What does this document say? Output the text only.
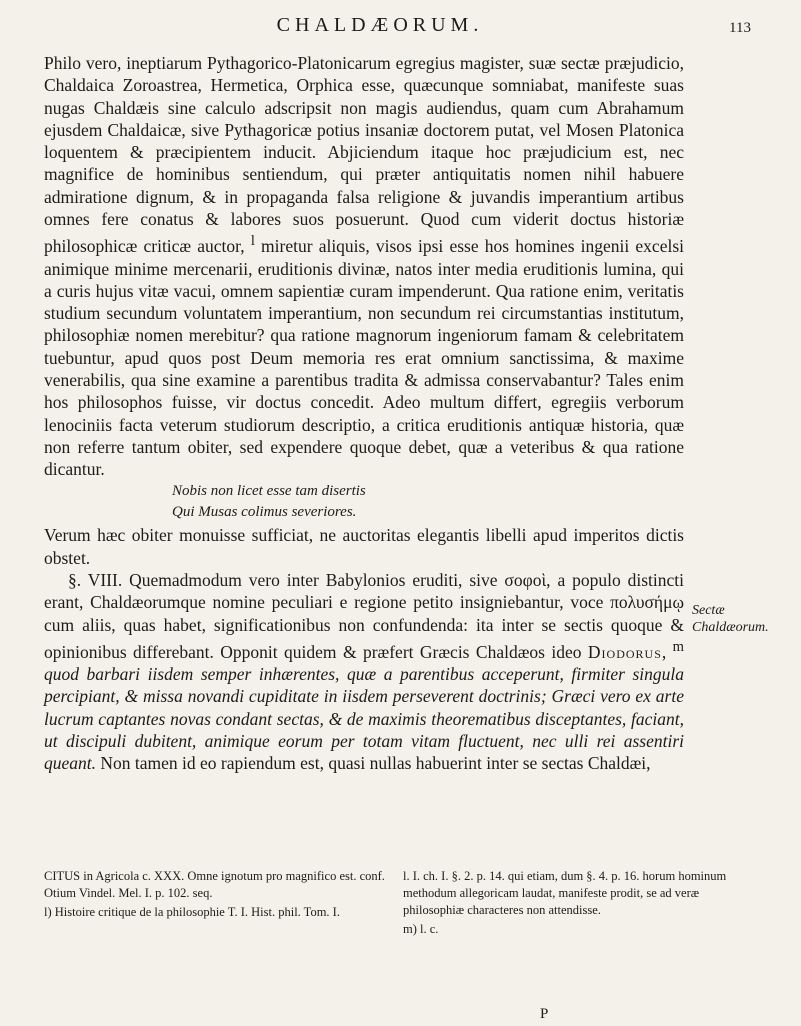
CHALDÆORUM.	113

Philo vero, ineptiarum Pythagorico-Platonicarum egregius magister, suæ sectæ præjudicio, Chaldaica Zoroastrea, Hermetica, Orphica esse, quæcunque somniabat, manifeste suas nugas Chaldæis sine calculo adscripsit non magis audiendus, quam cum Abrahamum ejusdem Chaldaicæ, sive Pythagoricæ potius insaniæ doctorem putat, vel Mosen Platonica loquentem & præcipientem inducit. Abjiciendum itaque hoc præjudicium est, nec magnifice de hominibus sentiendum, qui præter antiquitatis nomen nihil habuere admiratione dignum, & in propaganda falsa religione & juvandis imperantium artibus omnes fere conatus & labores suos posuerunt. Quod cum viderit doctus historiæ philosophicæ criticæ auctor, $^l$ miretur aliquis, visos ipsi esse hos homines ingenii excelsi animique minime mercenarii, eruditionis divinæ, natos inter media eruditionis lumina, qui a curis hujus vitæ vacui, omnem sapientiæ curam impenderunt. Qua ratione enim, veritatis studium secundum voluntatem imperantium, non secundum rei circumstantias institutum, philosophiæ nomen merebitur? qua ratione magnorum ingeniorum famam & celebritatem tuebuntur, apud quos post Deum memoria res erat omnium sanctissima, & maxime venerabilis, qua sine examine a parentibus tradita & admissa conservabantur? Tales enim hos philosophos fuisse, vir doctus concedit. Adeo multum differt, egregiis verborum lenociniis facta veterum studiorum descriptio, a critica eruditionis antiquæ historia, quæ non referre tantum obiter, sed expendere quoque debet, quæ a veteribus & qua ratione dicantur.

Nobis non licet esse tam disertis
Qui Musas colimus severiores.

Verum hæc obiter monuisse sufficiat, ne auctoritas elegantis libelli apud imperitos dictis obstet.

§. VIII. Quemadmodum vero inter Babylonios eruditi, sive σοφοὶ, a populo distincti erant, Chaldæorumque nomine peculiari e regione petito insigniebantur, voce πολυσήμῳ cum aliis, quas habet, significationibus non confundenda: ita inter se sectis quoque & opinionibus differebant. Opponit quidem & præfert Græcis Chaldæos ideo Diodorus, $^m$ quod barbari iisdem semper inhærentes, quæ a parentibus acceperunt, firmiter singula percipiant, & missa novandi cupiditate in iisdem perseverent doctrinis; Græci vero ex arte lucrum captantes novas condant sectas, & de maximis theorematibus disceptantes, faciant, ut discipuli dubitent, animique eorum per totam vitam fluctuent, nec ulli rei assentiri queant. Non tamen id eo rapiendum est, quasi nullas habuerint inter se sectas Chaldæi,

Sectæ Chaldæorum.

CITUS in Agricola c. XXX. Omne ignotum pro magnifico est. conf. Otium Vindel. Mel. I. p. 102. seq.

l) Histoire critique de la philosophie T. I. Hist. phil. Tom. I.

l. I. ch. I. §. 2. p. 14. qui etiam, dum §. 4. p. 16. horum hominum methodum allegoricam laudat, manifeste prodit, se ad veræ philosophiæ characteres non attendisse.

m) l. c.

P
